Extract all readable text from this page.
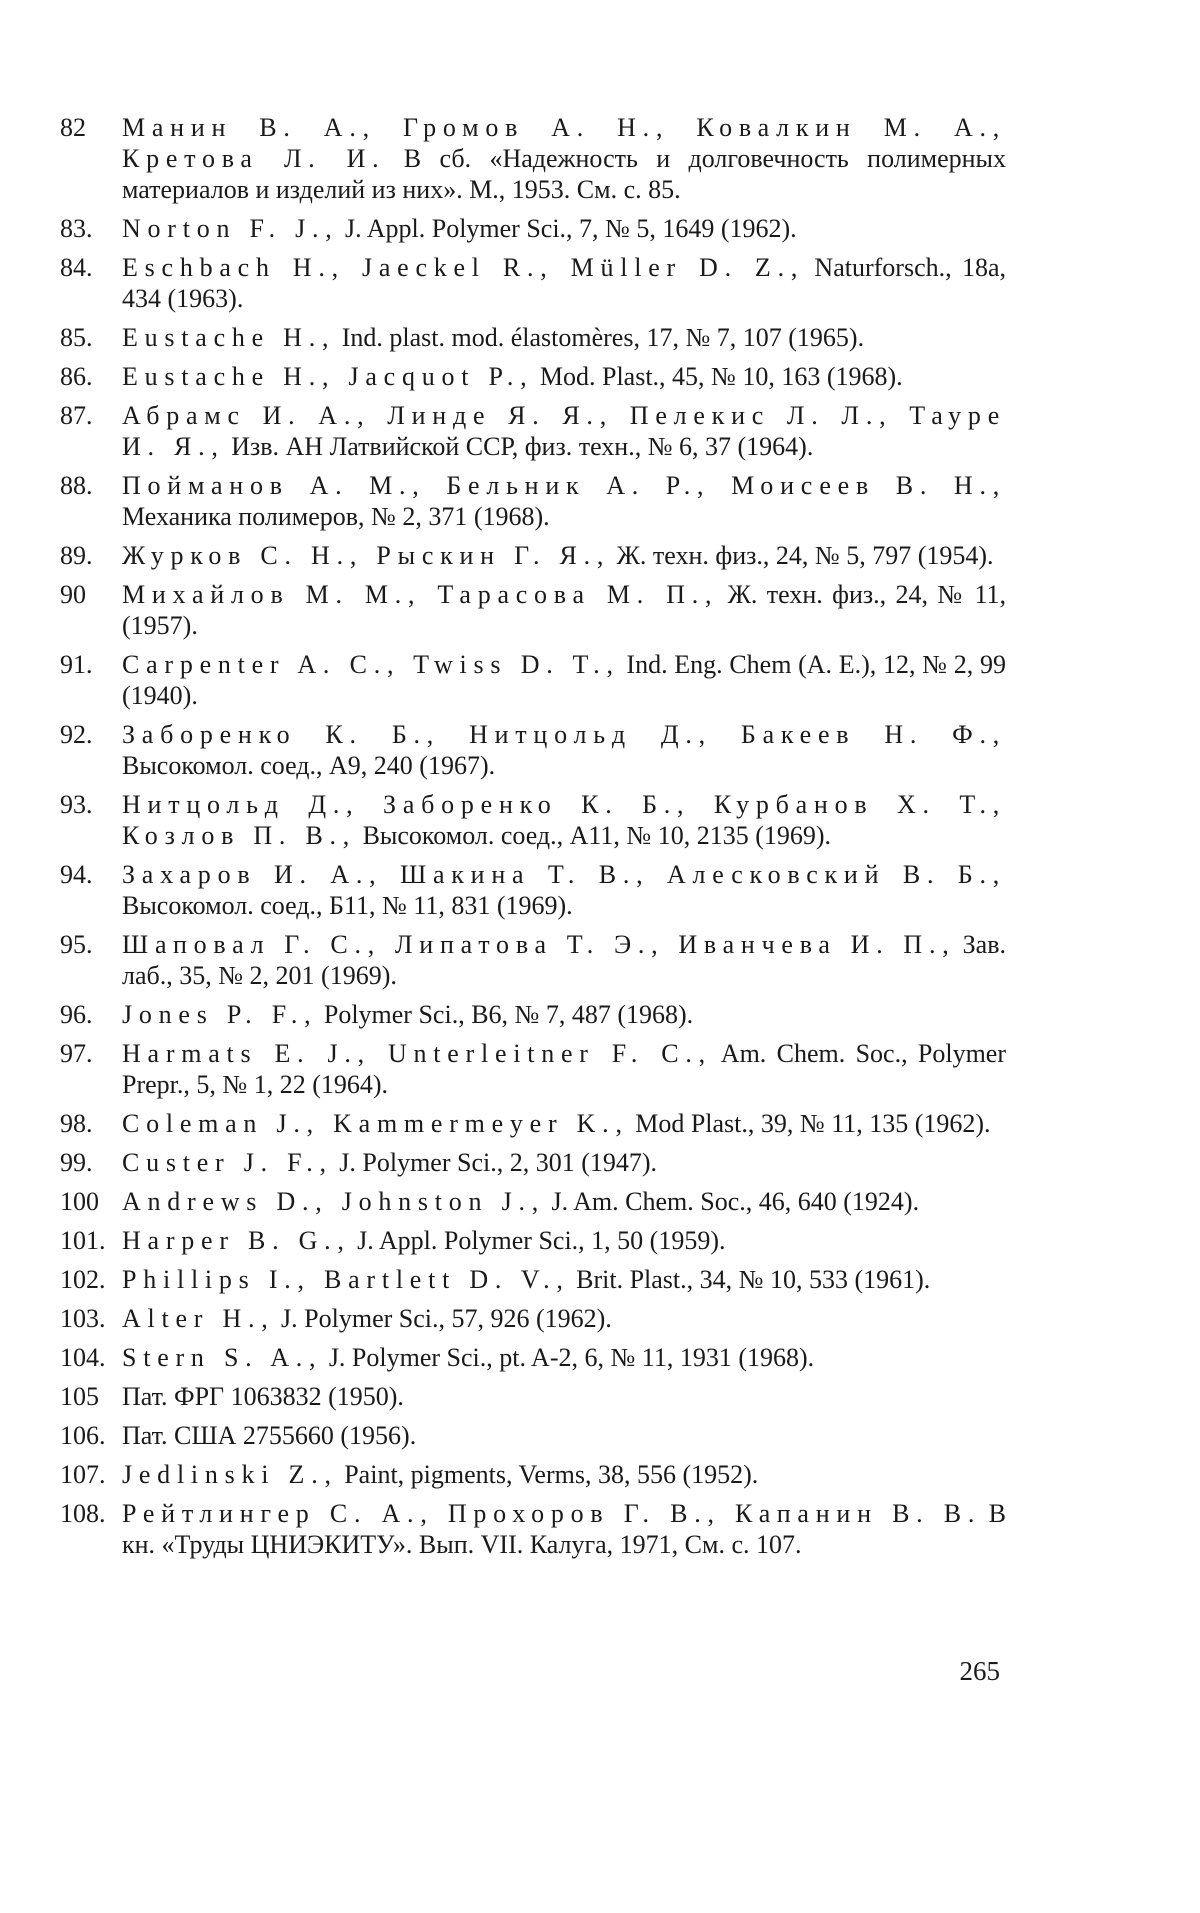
82	Манин В. А., Громов А. Н., Ковалкин М. А., Кретова Л. И. В сб. «Надежность и долговечность полимерных материалов и изделий из них». М., 1953. См. с. 85.
83.	Norton F. J., J. Appl. Polymer Sci., 7, № 5, 1649 (1962).
84.	Eschbach H., Jaeckel R., Müller D. Z., Naturforsch., 18a, 434 (1963).
85.	Eustache H., Ind. plast. mod. élastomères, 17, № 7, 107 (1965).
86.	Eustache H., Jacquot P., Mod. Plast., 45, № 10, 163 (1968).
87.	Абрамс И. А., Линде Я. Я., Пелекис Л. Л., Тауре И. Я., Изв. АН Латвийской ССР, физ. техн., № 6, 37 (1964).
88.	Пойманов А. М., Бельник А. Р., Моисеев В. Н., Механика полимеров, № 2, 371 (1968).
89.	Журков С. Н., Рыскин Г. Я., Ж. техн. физ., 24, № 5, 797 (1954).
90	Михайлов М. М., Тарасова М. П., Ж. техн. физ., 24, № 11, (1957).
91.	Carpenter A. C., Twiss D. T., Ind. Eng. Chem (A. E.), 12, № 2, 99 (1940).
92.	Заборенко К. Б., Нитцольд Д., Бакеев Н. Ф., Высокомол. соед., А9, 240 (1967).
93.	Нитцольд Д., Заборенко К. Б., Курбанов Х. Т., Козлов П. В., Высокомол. соед., А11, № 10, 2135 (1969).
94.	Захаров И. А., Шакина Т. В., Алесковский В. Б., Высокомол. соед., Б11, № 11, 831 (1969).
95.	Шаповал Г. С., Липатова Т. Э., Иванчева И. П., Зав. лаб., 35, № 2, 201 (1969).
96.	Jones P. F., Polymer Sci., B6, № 7, 487 (1968).
97.	Harmats E. J., Unterleitner F. C., Am. Chem. Soc., Polymer Prepr., 5, № 1, 22 (1964).
98.	Coleman J., Kammermeyer K., Mod Plast., 39, № 11, 135 (1962).
99.	Custer J. F., J. Polymer Sci., 2, 301 (1947).
100 Andrews D., Johnston J., J. Am. Chem. Soc., 46, 640 (1924).
101. Harper B. G., J. Appl. Polymer Sci., 1, 50 (1959).
102. Phillips I., Bartlett D. V., Brit. Plast., 34, № 10, 533 (1961).
103. Alter H., J. Polymer Sci., 57, 926 (1962).
104. Stern S. A., J. Polymer Sci., pt. A-2, 6, № 11, 1931 (1968).
105 Пат. ФРГ 1063832 (1950).
106. Пат. США 2755660 (1956).
107. Jedlinski Z., Paint, pigments, Verms, 38, 556 (1952).
108. Рейтлингер С. А., Прохоров Г. В., Капанин В. В. В кн. «Труды ЦНИЭКИТУ». Вып. VII. Калуга, 1971, См. с. 107.
265
